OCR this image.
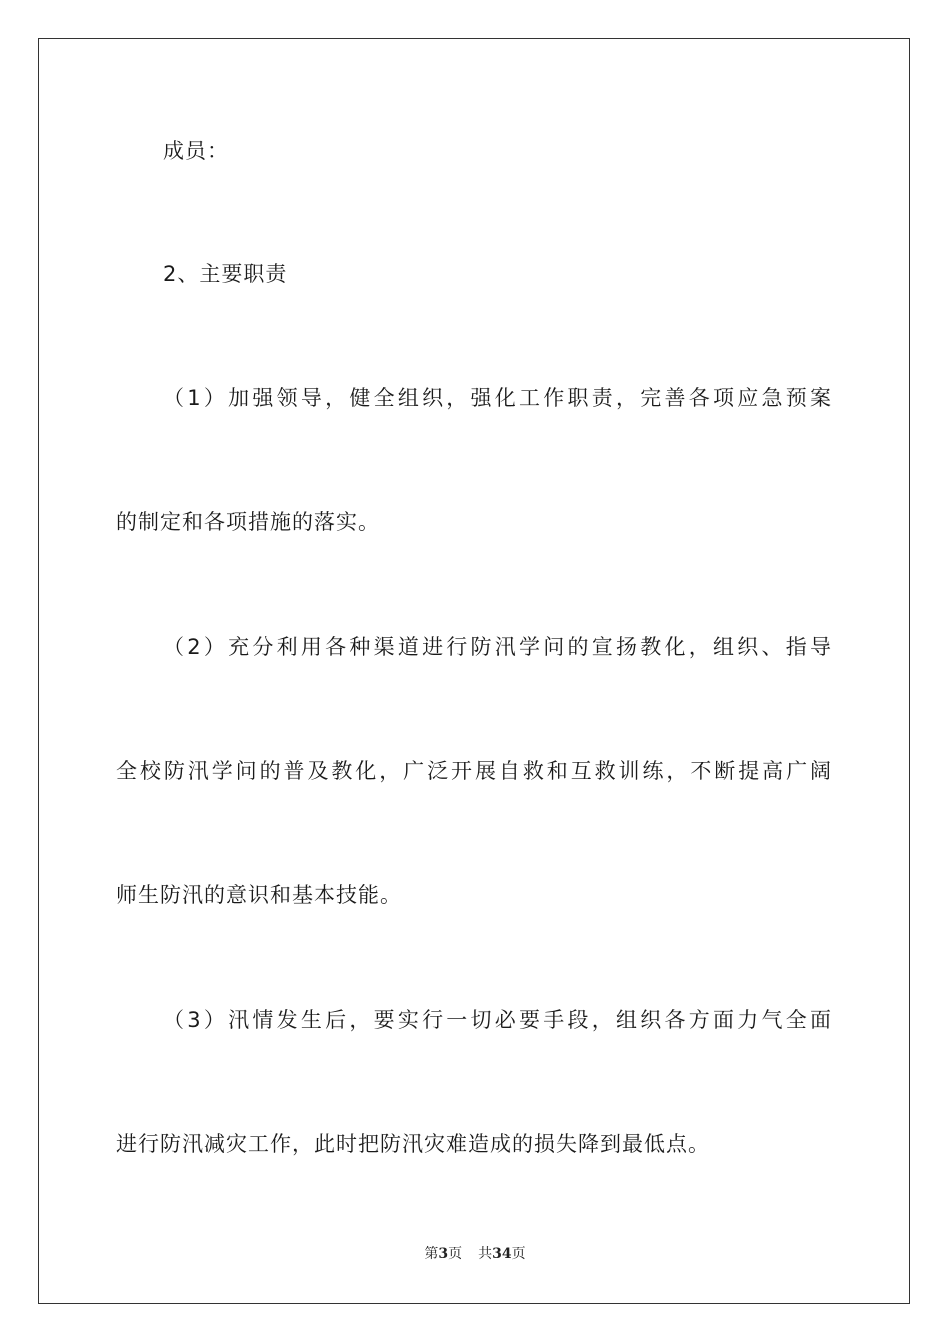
成员：
2、主要职责
（1）加强领导，健全组织，强化工作职责，完善各项应急预案
的制定和各项措施的落实。
（2）充分利用各种渠道进行防汛学问的宣扬教化，组织、指导
全校防汛学问的普及教化，广泛开展自救和互救训练，不断提高广阔
师生防汛的意识和基本技能。
（3）汛情发生后，要实行一切必要手段，组织各方面力气全面
进行防汛减灾工作，此时把防汛灾难造成的损失降到最低点。
第3页 共34页
